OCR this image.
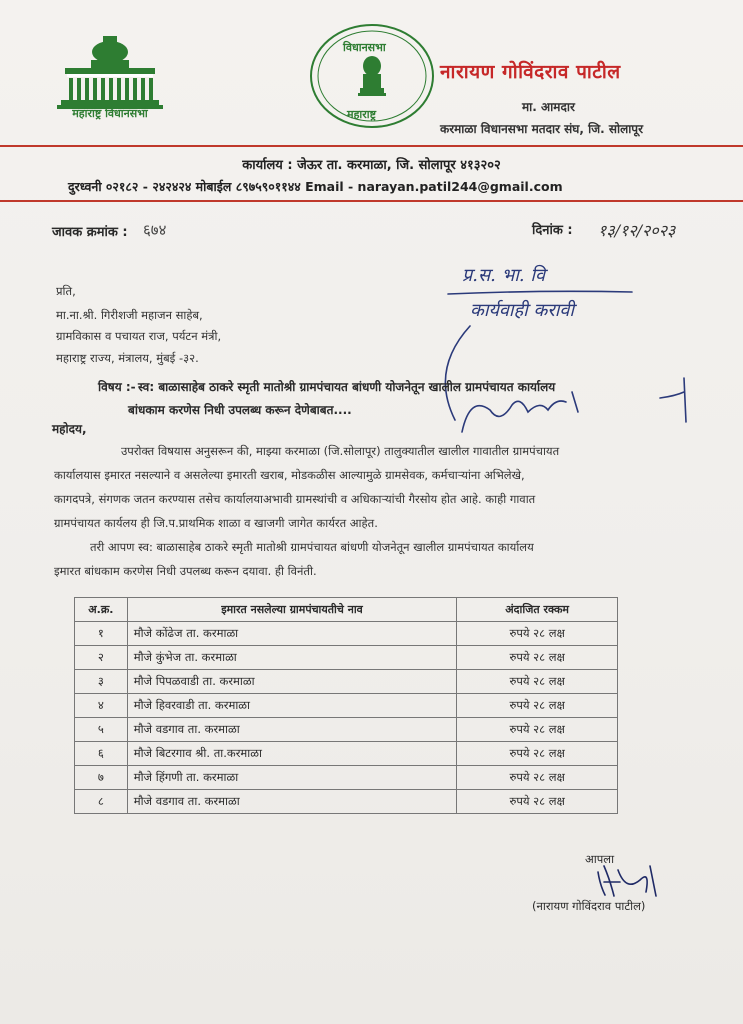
महाराष्ट्र विधानसभा
विधानसभा
महाराष्ट्र
नारायण गोविंदराव पाटील
मा. आमदार
करमाळा विधानसभा मतदार संघ, जि. सोलापूर
कार्यालय : जेऊर ता. करमाळा, जि. सोलापूर ४१३२०२
दुरध्वनी ०२१८२ - २४२४२४ मोबाईल ८९७५९०११४४ Email - narayan.patil244@gmail.com
जावक क्रमांक : ६७४	दिनांक : १३/१२/२०२३
प्र.स. भा. वि
कार्यवाही करावी
प्रति,
मा.ना.श्री. गिरीशजी महाजन साहेब,
ग्रामविकास व पचायत राज, पर्यटन मंत्री,
महाराष्ट्र राज्य, मंत्रालय, मुंबई -३२.
विषय :- स्व: बाळासाहेब ठाकरे स्मृती मातोश्री ग्रामपंचायत बांधणी योजनेतून खालील ग्रामपंचायत कार्यालय
बांधकाम करणेस निधी उपलब्ध करून देणेबाबत....
महोदय,
उपरोक्त विषयास अनुसरून की, माझ्या करमाळा (जि.सोलापूर) तालुक्यातील खालील गावातील ग्रामपंचायत
कार्यालयास इमारत नसल्याने व असलेल्या इमारती खराब, मोडकळीस आल्यामुळे ग्रामसेवक, कर्मचाऱ्यांना अभिलेखे,
कागदपत्रे, संगणक जतन करण्यास तसेच कार्यालयाअभावी ग्रामस्थांची व अधिकाऱ्यांची गैरसोय होत आहे. काही गावात
ग्रामपंचायत कार्यलय ही जि.प.प्राथमिक शाळा व खाजगी जागेत कार्यरत आहेत.
तरी आपण स्व: बाळासाहेब ठाकरे स्मृती मातोश्री ग्रामपंचायत बांधणी योजनेतून खालील ग्रामपंचायत कार्यालय
इमारत बांधकाम करणेस निधी उपलब्ध करून दयावा. ही विनंती.
अ.क्र.	इमारत नसलेल्या ग्रामपंचायतीचे नाव	अंदाजित रक्कम
१	मौजे कोंढेज ता. करमाळा	रुपये २८ लक्ष
२	मौजे कुंभेज ता. करमाळा	रुपये २८ लक्ष
३	मौजे पिपळवाडी ता. करमाळा	रुपये २८ लक्ष
४	मौजे हिवरवाडी ता. करमाळा	रुपये २८ लक्ष
५	मौजे वडगाव ता. करमाळा	रुपये २८ लक्ष
६	मौजे बिटरगाव श्री. ता.करमाळा	रुपये २८ लक्ष
७	मौजे हिंगणी ता. करमाळा	रुपये २८ लक्ष
८	मौजे वडगाव ता. करमाळा	रुपये २८ लक्ष
आपला
(नारायण गोविंदराव पाटील)
